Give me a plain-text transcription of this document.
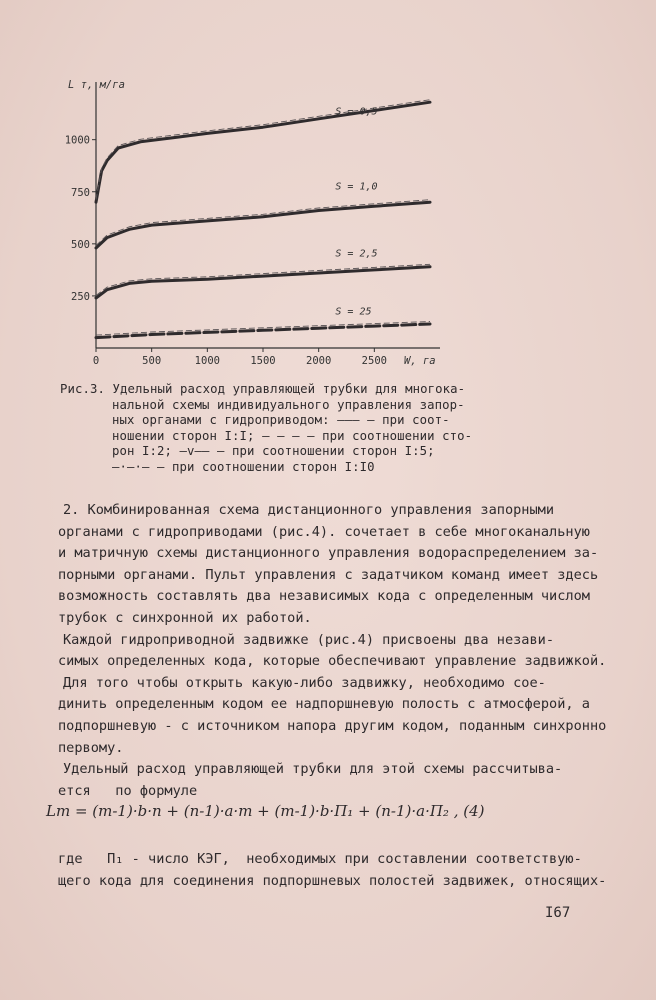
250
500
750
1000
0	500	1000	1500	2000	2500
L т, м/га
W, га
S = 0,5
S = 1,0
S = 2,5
S = 25
Рис.3. Удельный расход управляющей трубки для многока-
нальной схемы индивидуального управления запор-
ных органами с гидроприводом: ——— – при соот-
ношении сторон I:I; – – – – при соотношении сто-
рон I:2; —v—— – при соотношении сторон I:5;
—·—·— – при соотношении сторон I:I0
2. Комбинированная схема дистанционного управления запорными
органами с гидроприводами (рис.4). сочетает в себе многоканальную
и матричную схемы дистанционного управления водораспределением за-
порными органами. Пульт управления с задатчиком команд имеет здесь
возможность составлять два независимых кода с определенным числом
трубок с синхронной их работой.
Каждой гидроприводной задвижке (рис.4) присвоены два незави-
симых определенных кода, которые обеспечивают управление задвижкой.
Для того чтобы открыть какую-либо задвижку, необходимо сое-
динить определенным кодом ее надпоршневую полость с атмосферой, а
подпоршневую - с источником напора другим кодом, поданным синхронно
первому.
Удельный расход управляющей трубки для этой схемы рассчитыва-
ется   по формуле
Lт = (m-1)·b·n + (n-1)·a·m + (m-1)·b·П₁ + (n-1)·a·П₂ , (4)
где   П₁ - число КЭГ,  необходимых при составлении соответствую-
щего кода для соединения подпоршневых полостей задвижек, относящих-
I67
